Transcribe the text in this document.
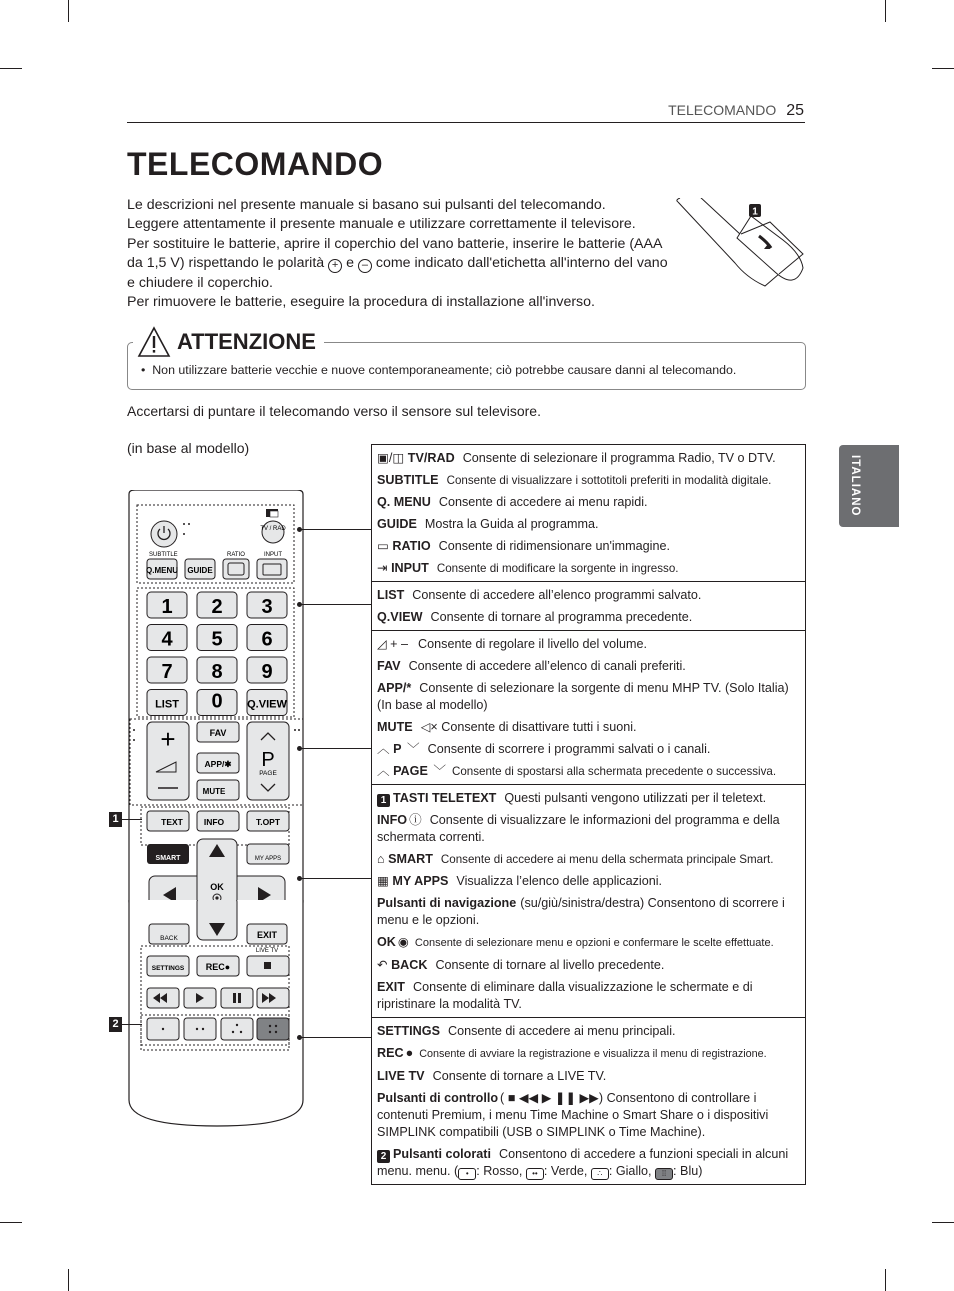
TELECOMANDO 25
TELECOMANDO

Le descrizioni nel presente manuale si basano sui pulsanti del telecomando.

Leggere attentamente il presente manuale e utilizzare correttamente il televisore.

Per sostituire le batterie, aprire il coperchio del vano batterie, inserire le batterie (AAA da 1,5 V) rispettando le polarità + e – come indicato dall'etichetta all'interno del vano e chiudere il coperchio.

Per rimuovere le batterie, eseguire la procedura di installazione all'inverso.

1
ATTENZIONE
•  Non utilizzare batterie vecchie e nuove contemporaneamente; ciò potrebbe causare danni al telecomando.
Accertarsi di puntare il telecomando verso il sensore sul televisore.
(in base al modello)
ITALIANO
TV / RAD
SUBTITLE	RATIO	INPUT
Q.MENU GUIDE
1 2 3
4 5 6
7 8 9
LIST 0 Q.VIEW
+	FAV
APP/✱
MUTE
P
PAGE
TEXT INFO	T.OPT
SMART	MY APPS
OK
BACK	EXIT
LIVE TV
SETTINGS REC●
1
2
▣/◫ TV/RAD Consente di selezionare il programma Radio, TV o DTV.
SUBTITLE Consente di visualizzare i sottotitoli preferiti in modalità digitale.
Q. MENU Consente di accedere ai menu rapidi.
GUIDE Mostra la Guida al programma.
▭ RATIO Consente di ridimensionare un'immagine.
⇥ INPUT Consente di modificare la sorgente in ingresso.
LIST Consente di accedere all’elenco programmi salvato.
Q.VIEW Consente di tornare al programma precedente.
◿ + – Consente di regolare il livello del volume.
FAV Consente di accedere all’elenco di canali preferiti.
APP/* Consente di selezionare la sorgente di menu MHP TV. (Solo Italia) (In base al modello)
MUTE ◁× Consente di disattivare tutti i suoni.
︿ P ﹀ Consente di scorrere i programmi salvati o i canali.
︿ PAGE ﹀ Consente di spostarsi alla schermata precedente o successiva.
1 TASTI TELETEXT Questi pulsanti vengono utilizzati per il teletext.
INFO ⓘ Consente di visualizzare le informazioni del programma e della schermata correnti.
⌂ SMART Consente di accedere ai menu della schermata principale Smart.
▦ MY APPS Visualizza l’elenco delle applicazioni.
Pulsanti di navigazione (su/giù/sinistra/destra) Consentono di scorrere i menu e le opzioni.
OK ◉ Consente di selezionare menu e opzioni e confermare le scelte effettuate.
↶ BACK Consente di tornare al livello precedente.
EXIT Consente di eliminare dalla visualizzazione le schermate e di ripristinare la modalità TV.
SETTINGS Consente di accedere ai menu principali.
REC ● Consente di avviare la registrazione e visualizza il menu di registrazione.
LIVE TV Consente di tornare a LIVE TV.
Pulsanti di controllo ( ■ ◀◀ ▶ ❚❚ ▶▶) Consentono di controllare i contenuti Premium, i menu Time Machine o Smart Share o i dispositivi SIMPLINK compatibili (USB o SIMPLINK o Time Machine).
2 Pulsanti colorati Consentono di accedere a funzioni speciali in alcuni menu. menu. ( • : Rosso, •• : Verde, ∴ : Giallo, ⁞⁞ : Blu)
